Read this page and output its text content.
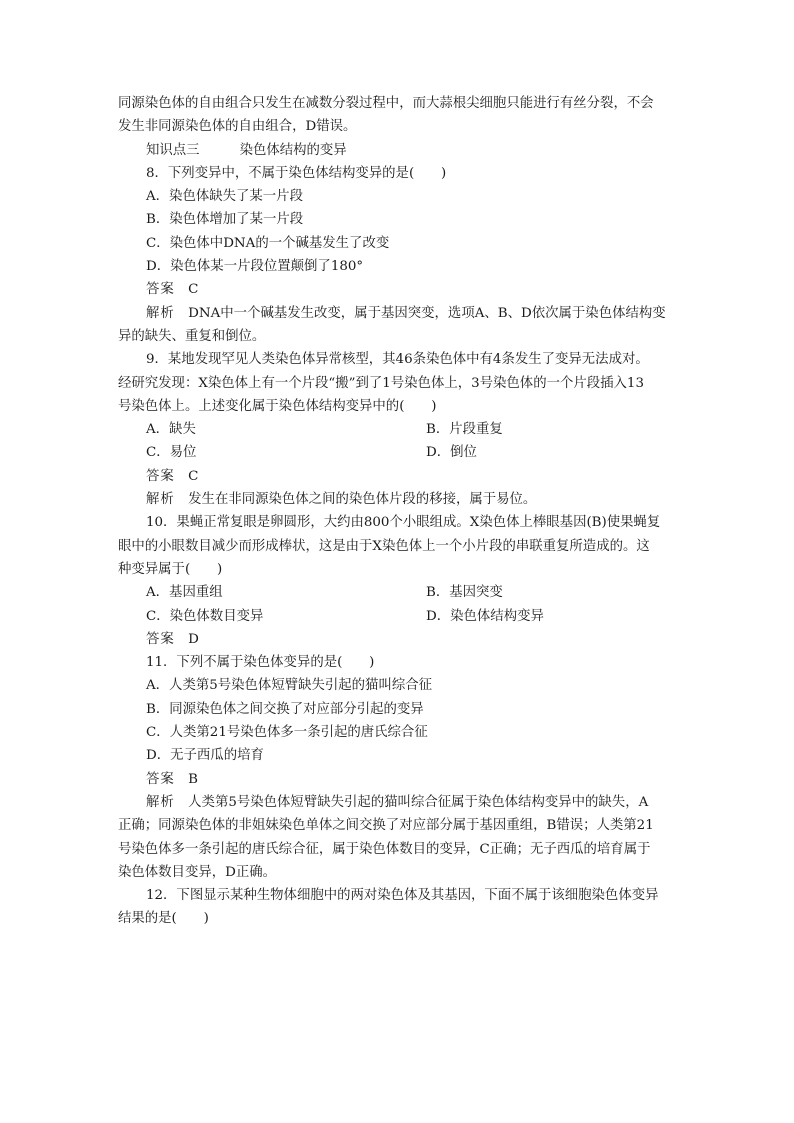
同源染色体的自由组合只发生在减数分裂过程中，而大蒜根尖细胞只能进行有丝分裂，不会
发生非同源染色体的自由组合，D错误。
知识点三	染色体结构的变异
8．下列变异中，不属于染色体结构变异的是(　　)
A．染色体缺失了某一片段
B．染色体增加了某一片段
C．染色体中DNA的一个碱基发生了改变
D．染色体某一片段位置颠倒了180°
答案　 C
解析　 DNA中一个碱基发生改变，属于基因突变，选项A、B、D依次属于染色体结构变
异的缺失、重复和倒位。
9．某地发现罕见人类染色体异常核型，其46条染色体中有4条发生了变异无法成对。
经研究发现：X染色体上有一个片段“搬”到了1号染色体上，3号染色体的一个片段插入13
号染色体上。上述变化属于染色体结构变异中的(　　)
A．缺失	B．片段重复
C．易位	D．倒位
答案　 C
解析　 发生在非同源染色体之间的染色体片段的移接，属于易位。
10．果蝇正常复眼是卵圆形，大约由800个小眼组成。X染色体上棒眼基因(B)使果蝇复
眼中的小眼数目减少而形成棒状，这是由于X染色体上一个小片段的串联重复所造成的。这
种变异属于(　　)
A．基因重组	B．基因突变
C．染色体数目变异	D．染色体结构变异
答案　 D
11．下列不属于染色体变异的是(　　)
A．人类第5号染色体短臂缺失引起的猫叫综合征
B．同源染色体之间交换了对应部分引起的变异
C．人类第21号染色体多一条引起的唐氏综合征
D．无子西瓜的培育
答案　 B
解析　 人类第5号染色体短臂缺失引起的猫叫综合征属于染色体结构变异中的缺失，A
正确；同源染色体的非姐妹染色单体之间交换了对应部分属于基因重组，B错误；人类第21
号染色体多一条引起的唐氏综合征，属于染色体数目的变异，C正确；无子西瓜的培育属于
染色体数目变异，D正确。
12．下图显示某种生物体细胞中的两对染色体及其基因，下面不属于该细胞染色体变异
结果的是(　　)
